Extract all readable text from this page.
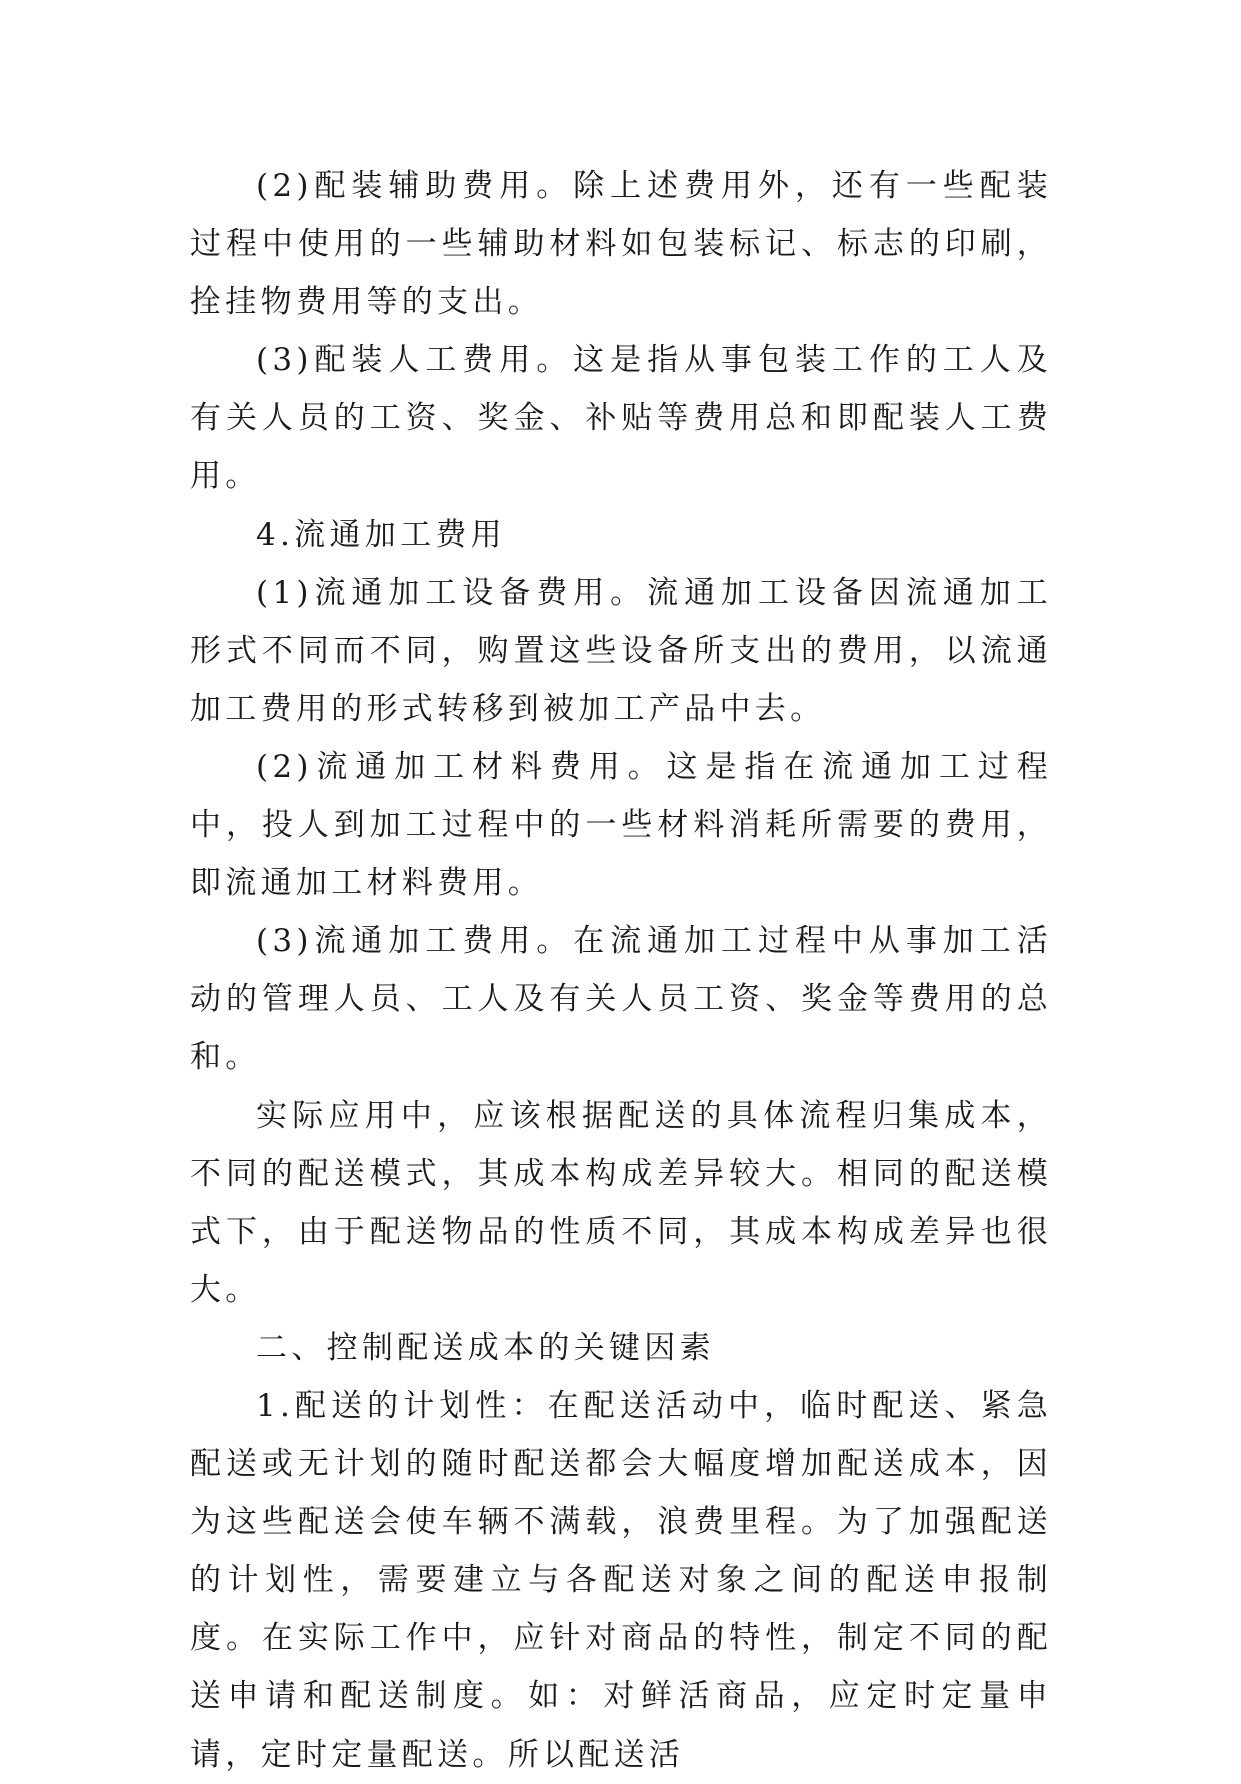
(2)配装辅助费用。除上述费用外，还有一些配装过程中使用的一些辅助材料如包装标记、标志的印刷，拴挂物费用等的支出。

(3)配装人工费用。这是指从事包装工作的工人及有关人员的工资、奖金、补贴等费用总和即配装人工费用。

4.流通加工费用

(1)流通加工设备费用。流通加工设备因流通加工形式不同而不同，购置这些设备所支出的费用，以流通加工费用的形式转移到被加工产品中去。

(2)流通加工材料费用。这是指在流通加工过程中，投人到加工过程中的一些材料消耗所需要的费用，即流通加工材料费用。

(3)流通加工费用。在流通加工过程中从事加工活动的管理人员、工人及有关人员工资、奖金等费用的总和。

实际应用中，应该根据配送的具体流程归集成本，不同的配送模式，其成本构成差异较大。相同的配送模式下，由于配送物品的性质不同，其成本构成差异也很大。

二、控制配送成本的关键因素

1.配送的计划性：在配送活动中，临时配送、紧急配送或无计划的随时配送都会大幅度增加配送成本，因为这些配送会使车辆不满载，浪费里程。为了加强配送的计划性，需要建立与各配送对象之间的配送申报制度。在实际工作中，应针对商品的特性，制定不同的配送申请和配送制度。如：对鲜活商品，应定时定量申请，定时定量配送。所以配送活
